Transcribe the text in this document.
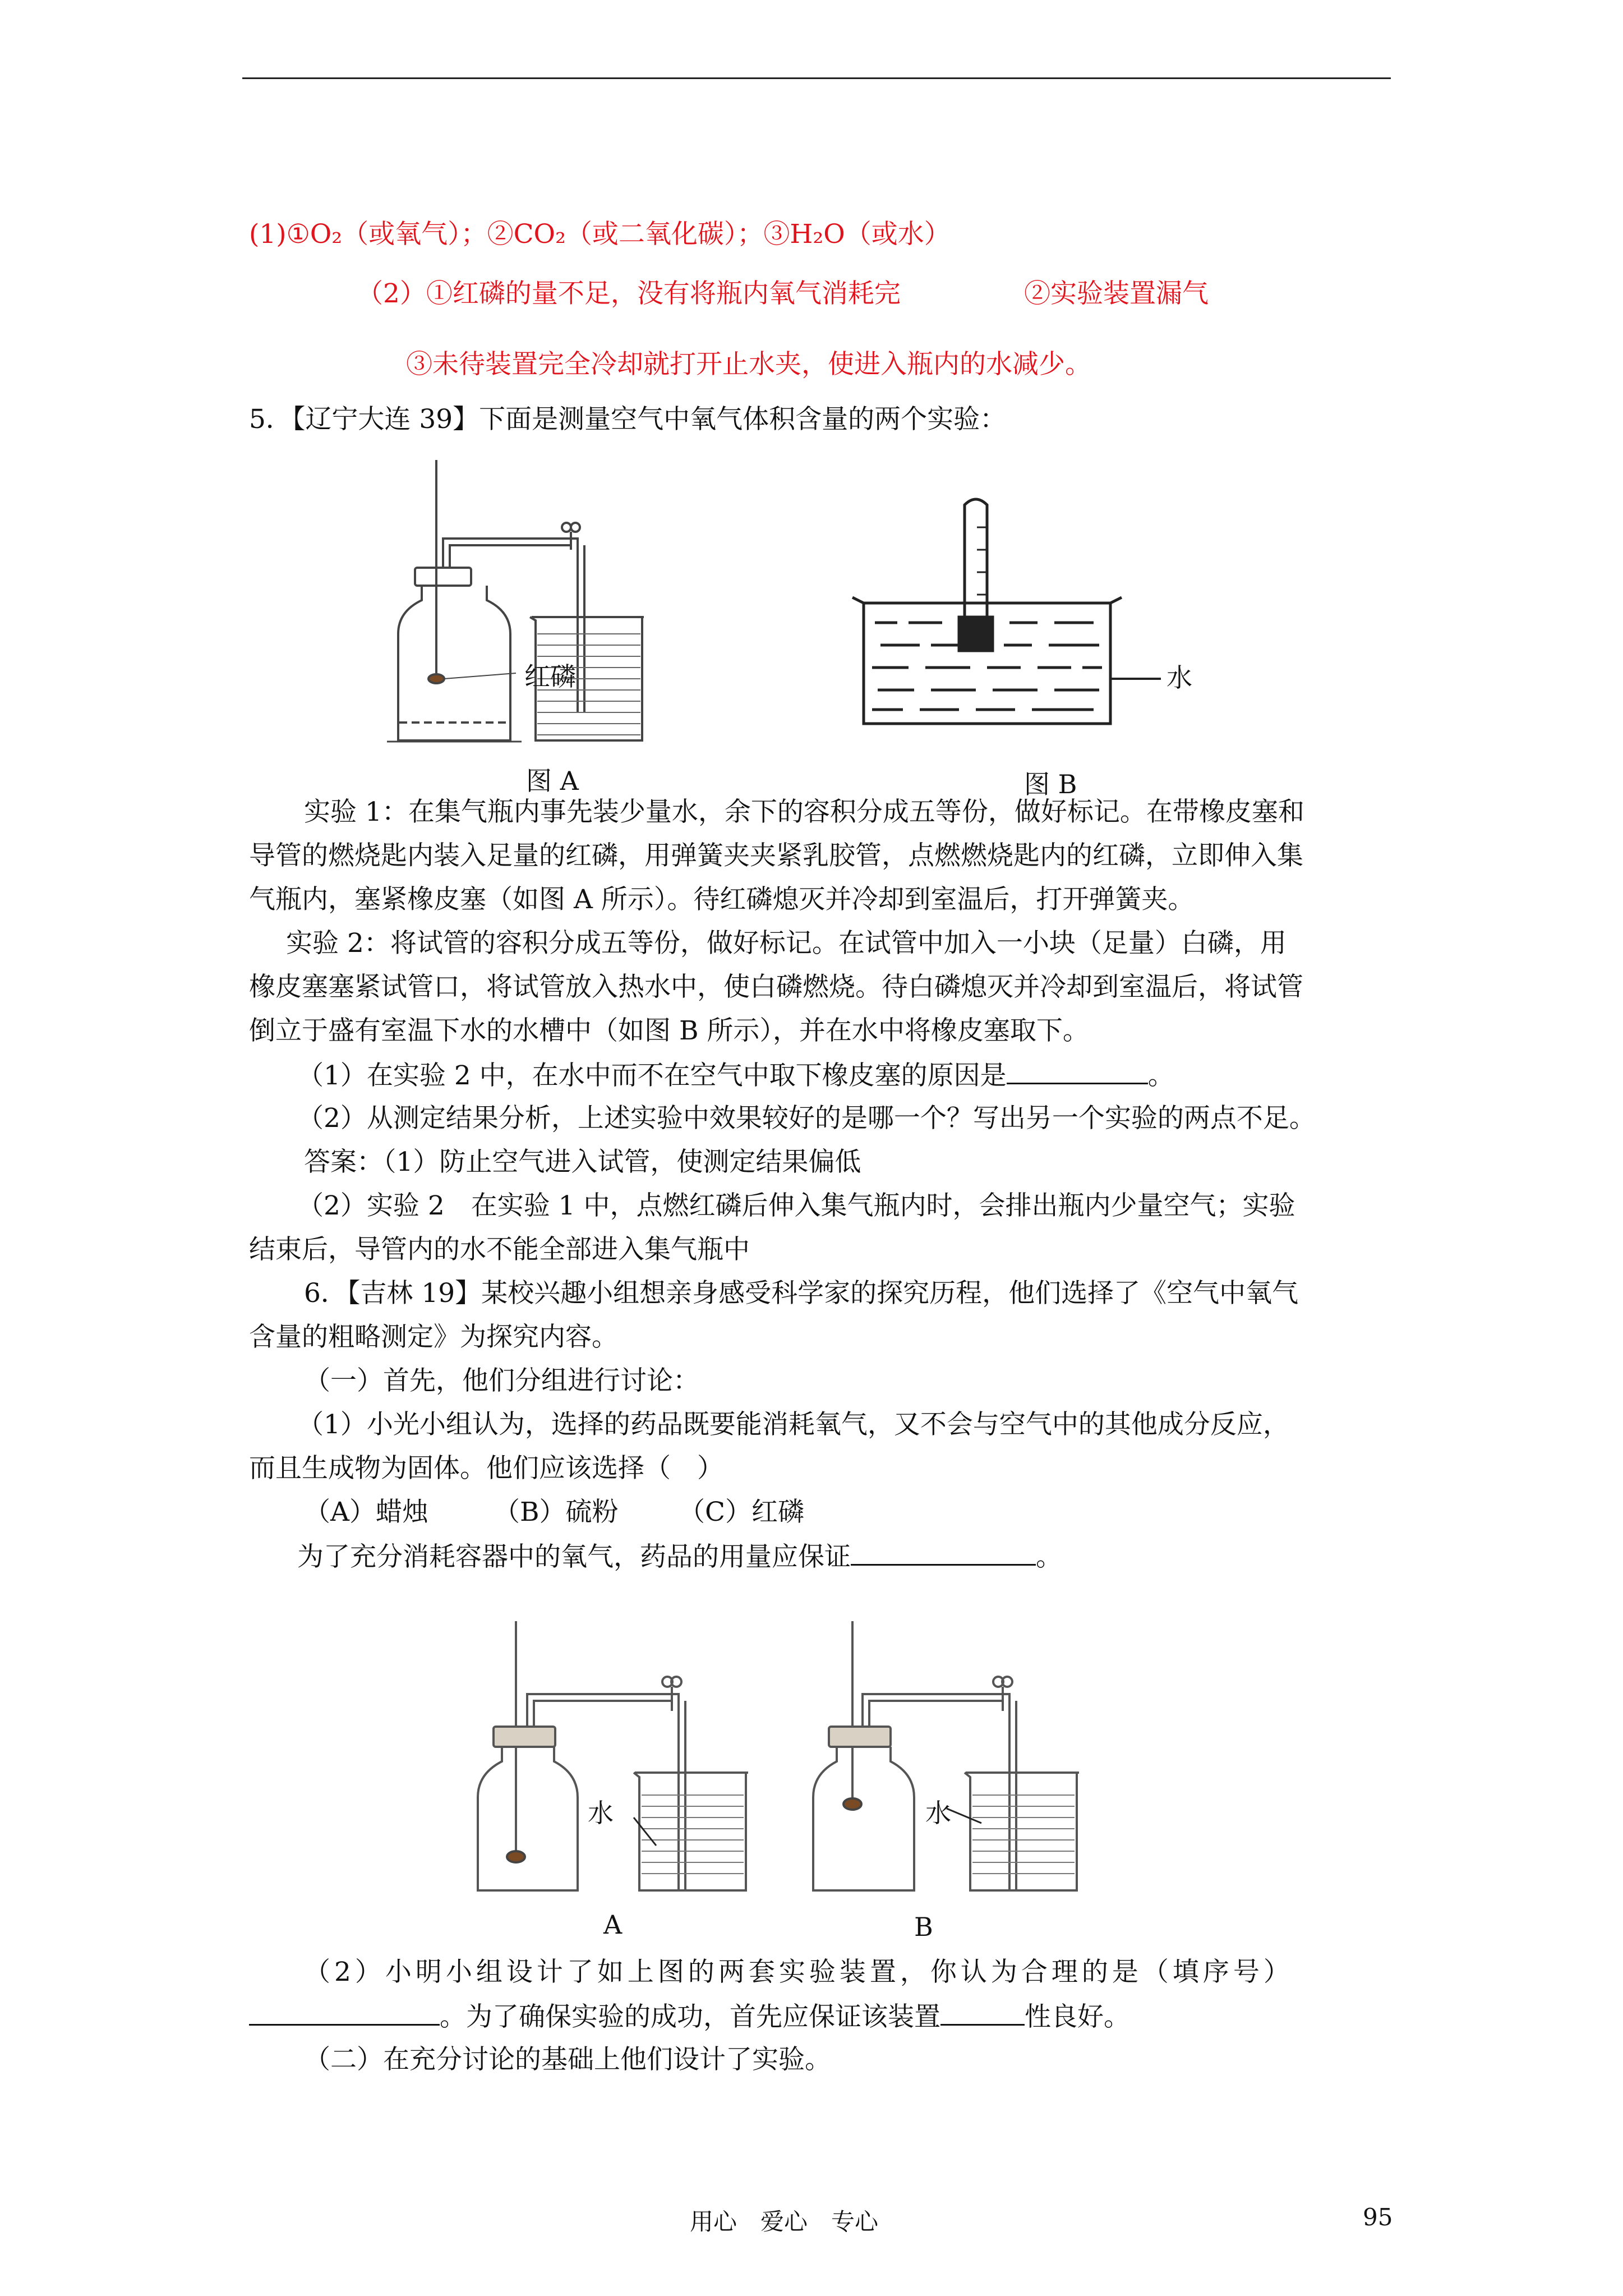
(1)①O₂（或氧气）；②CO₂（或二氧化碳）；③H₂O（或水）
（2）①红磷的量不足，没有将瓶内氧气消耗完	②实验装置漏气
③未待装置完全冷却就打开止水夹，使进入瓶内的水减少。
5．【辽宁大连 39】下面是测量空气中氧气体积含量的两个实验：
红磷	水
图 A	图 B
实验 1：在集气瓶内事先装少量水，余下的容积分成五等份，做好标记。在带橡皮塞和
导管的燃烧匙内装入足量的红磷，用弹簧夹夹紧乳胶管，点燃燃烧匙内的红磷，立即伸入集
气瓶内，塞紧橡皮塞（如图 A 所示）。待红磷熄灭并冷却到室温后，打开弹簧夹。
实验 2：将试管的容积分成五等份，做好标记。在试管中加入一小块（足量）白磷，用
橡皮塞塞紧试管口，将试管放入热水中，使白磷燃烧。待白磷熄灭并冷却到室温后，将试管
倒立于盛有室温下水的水槽中（如图 B 所示），并在水中将橡皮塞取下。
（1）在实验 2 中，在水中而不在空气中取下橡皮塞的原因是	。
（2）从测定结果分析，上述实验中效果较好的是哪一个？写出另一个实验的两点不足。
答案：（1）防止空气进入试管，使测定结果偏低
（2）实验 2　在实验 1 中，点燃红磷后伸入集气瓶内时，会排出瓶内少量空气；实验
结束后，导管内的水不能全部进入集气瓶中
6．【吉林 19】某校兴趣小组想亲身感受科学家的探究历程，他们选择了《空气中氧气
含量的粗略测定》为探究内容。
（一）首先，他们分组进行讨论：
（1）小光小组认为，选择的药品既要能消耗氧气，又不会与空气中的其他成分反应，
而且生成物为固体。他们应该选择（　）
（A）蜡烛 （B）硫粉 （C）红磷
为了充分消耗容器中的氧气，药品的用量应保证	。
水	水
A	B
（2）小明小组设计了如上图的两套实验装置，你认为合理的是（填序号）
。为了确保实验的成功，首先应保证该装置	性良好。
（二）在充分讨论的基础上他们设计了实验。
用心　爱心　专心	95
